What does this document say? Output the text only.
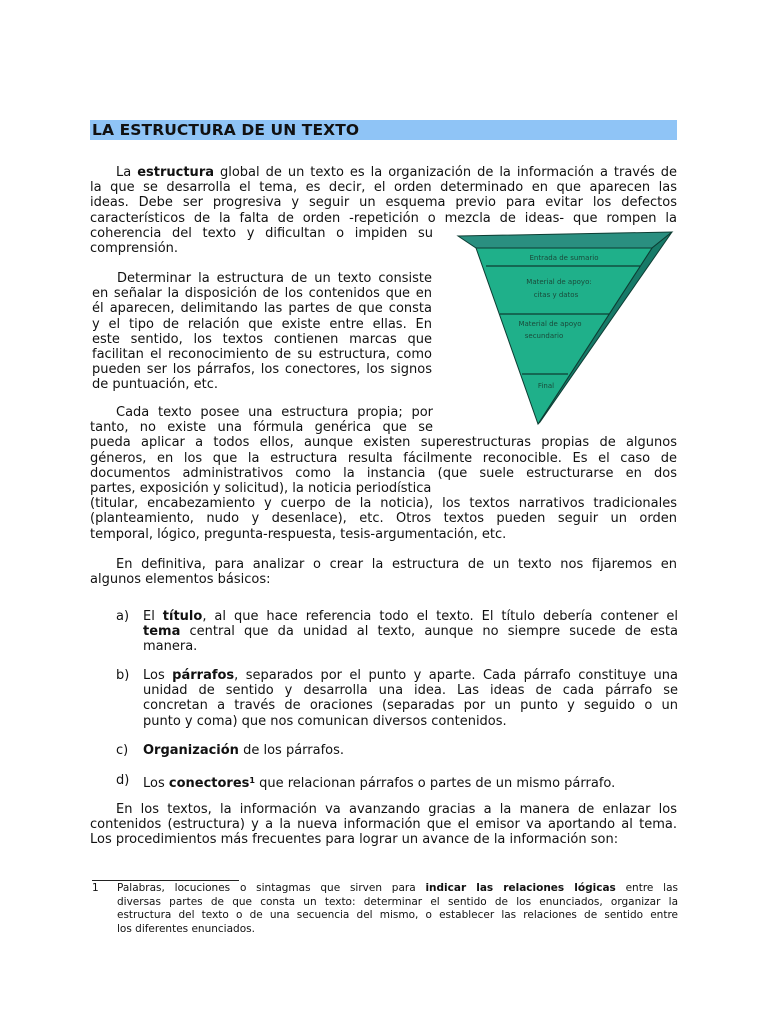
LA ESTRUCTURA DE UN TEXTO
La estructura global de un texto es la organización de la información a través de
la que se desarrolla el tema, es decir, el orden determinado en que aparecen las
ideas. Debe ser progresiva y seguir un esquema previo para evitar los defectos
característicos de la falta de orden -repetición o mezcla de ideas- que rompen la
coherencia del texto y dificultan o impiden su
comprensión.
Determinar la estructura de un texto consiste
en señalar la disposición de los contenidos que en
él aparecen, delimitando las partes de que consta
y el tipo de relación que existe entre ellas. En
este sentido, los textos contienen marcas que
facilitan el reconocimiento de su estructura, como
pueden ser los párrafos, los conectores, los signos
de puntuación, etc.
Cada texto posee una estructura propia; por
tanto, no existe una fórmula genérica que se
pueda aplicar a todos ellos, aunque existen superestructuras propias de algunos
géneros, en los que la estructura resulta fácilmente reconocible. Es el caso de
documentos administrativos como la instancia (que suele estructurarse en dos
partes, exposición y solicitud), la noticia periodística
(titular, encabezamiento y cuerpo de la noticia), los textos narrativos tradicionales
(planteamiento, nudo y desenlace), etc. Otros textos pueden seguir un orden
temporal, lógico, pregunta-respuesta, tesis-argumentación, etc.
En definitiva, para analizar o crear la estructura de un texto nos fijaremos en
algunos elementos básicos:
a) El título, al que hace referencia todo el texto. El título debería contener el
tema central que da unidad al texto, aunque no siempre sucede de esta
manera.
b) Los párrafos, separados por el punto y aparte. Cada párrafo constituye una
unidad de sentido y desarrolla una idea. Las ideas de cada párrafo se
concretan a través de oraciones (separadas por un punto y seguido o un
punto y coma) que nos comunican diversos contenidos.
c) Organización de los párrafos.
d) Los conectores$^1$ que relacionan párrafos o partes de un mismo párrafo.
En los textos, la información va avanzando gracias a la manera de enlazar los
contenidos (estructura) y a la nueva información que el emisor va aportando al tema.
Los procedimientos más frecuentes para lograr un avance de la información son:
1 Palabras, locuciones o sintagmas que sirven para indicar las relaciones lógicas entre las
diversas partes de que consta un texto: determinar el sentido de los enunciados, organizar la
estructura del texto o de una secuencia del mismo, o establecer las relaciones de sentido entre
los diferentes enunciados.
Entrada de sumario
Material de apoyo:
citas y datos
Material de apoyo
secundario
Final
